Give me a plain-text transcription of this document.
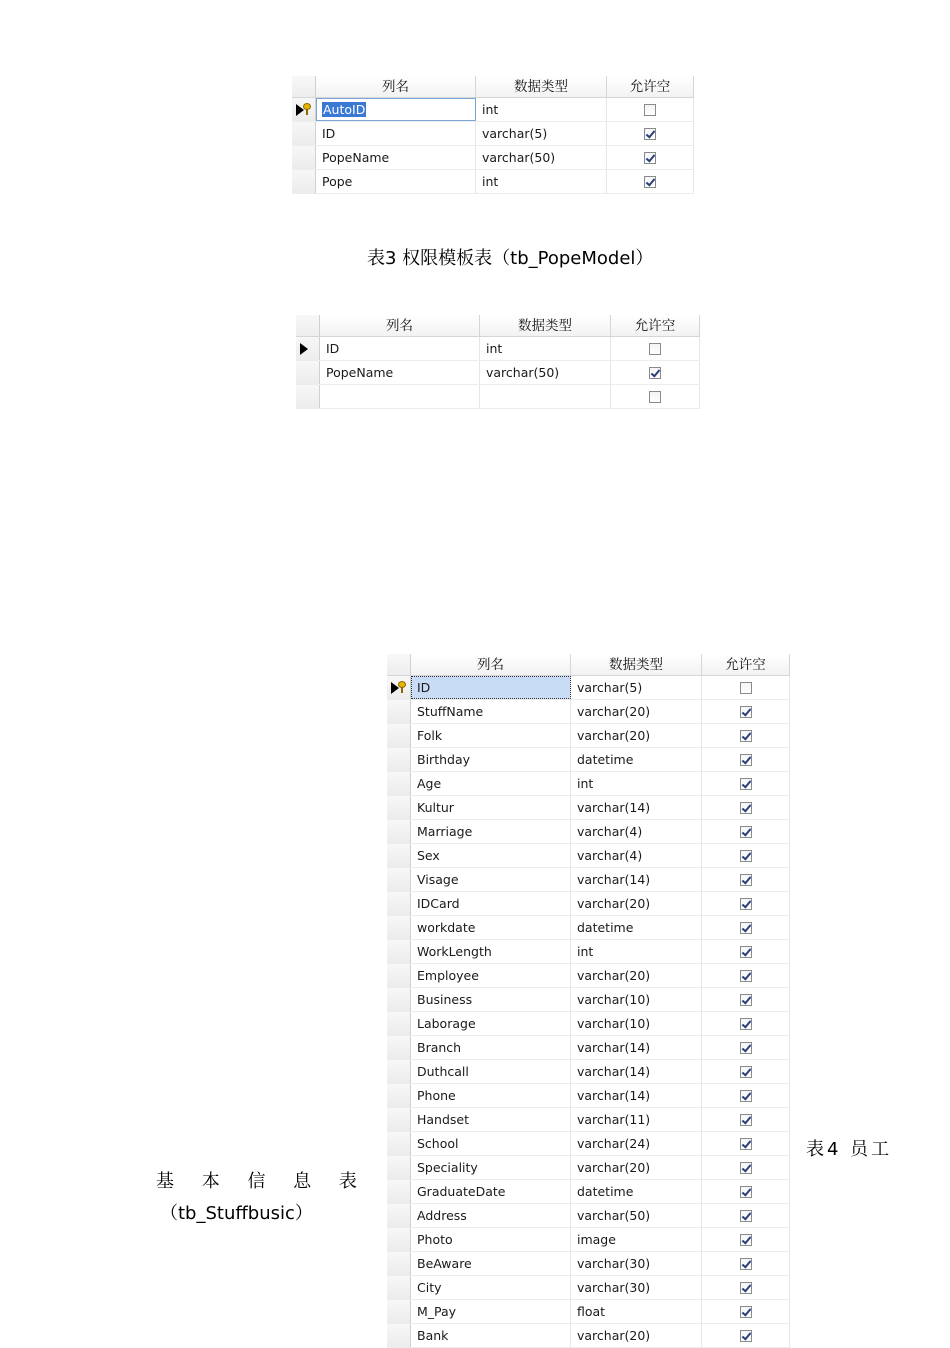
列名	数据类型	允许空
AutoID	int
ID	varchar(5)
PopeName	varchar(50)
Pope	int
表3 权限模板表（tb_PopeModel）
列名	数据类型	允许空
ID	int
PopeName	varchar(50)
列名	数据类型	允许空
ID	varchar(5)
StuffName	varchar(20)
Folk	varchar(20)
Birthday	datetime
Age	int
Kultur	varchar(14)
Marriage	varchar(4)
Sex	varchar(4)
Visage	varchar(14)
IDCard	varchar(20)
workdate	datetime
WorkLength	int
Employee	varchar(20)
Business	varchar(10)
Laborage	varchar(10)
Branch	varchar(14)
Duthcall	varchar(14)
Phone	varchar(14)
Handset	varchar(11)
School	varchar(24)
Speciality	varchar(20)
GraduateDate	datetime
Address	varchar(50)
Photo	image
BeAware	varchar(30)
City	varchar(30)
M_Pay	float
Bank	varchar(20)
表4 员工
基 本 信 息 表
（tb_Stuffbusic）
